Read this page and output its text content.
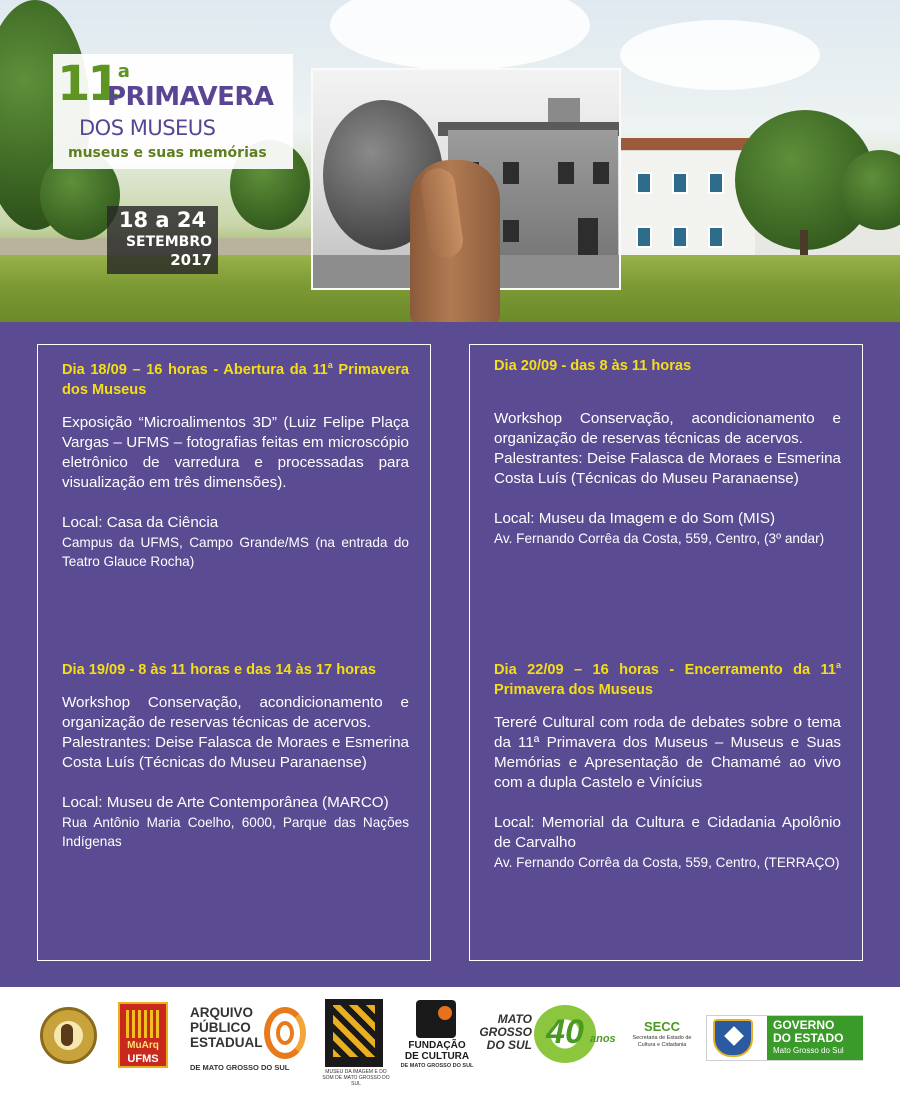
11$^a$
PRIMAVERA
DOS MUSEUS
museus e suas memórias
18 a 24
SETEMBRO
2017
Dia 18/09 – 16 horas - Abertura da 11$^a$ Primavera dos Museus

Exposição “Microalimentos 3D” (Luiz Felipe Plaça Vargas – UFMS – fotografias feitas em microscópio eletrônico de varredura e processadas para visualização em três dimensões).

Local: Casa da Ciência
Campus da UFMS, Campo Grande/MS (na entrada do Teatro Glauce Rocha)
Dia 19/09 - 8 às 11 horas e das 14 às 17 horas

Workshop Conservação, acondicionamento e organização de reservas técnicas de acervos.

Palestrantes: Deise Falasca de Moraes e Esmerina Costa Luís (Técnicas do Museu Paranaense)

Local: Museu de Arte Contemporânea (MARCO)
Rua Antônio Maria Coelho, 6000, Parque das Nações Indígenas
Dia 20/09 - das 8 às 11 horas

Workshop Conservação, acondicionamento e organização de reservas técnicas de acervos.

Palestrantes: Deise Falasca de Moraes e Esmerina Costa Luís (Técnicas do Museu Paranaense)

Local: Museu da Imagem e do Som (MIS)
Av. Fernando Corrêa da Costa, 559, Centro, (3º andar)
Dia 22/09 – 16 horas - Encerramento da 11$^a$ Primavera dos Museus

Tereré Cultural com roda de debates sobre o tema da 11ª Primavera dos Museus – Museus e Suas Memórias e Apresentação de Chamamé ao vivo com a dupla Castelo e Vinícius

Local: Memorial da Cultura e Cidadania Apolônio de Carvalho
Av. Fernando Corrêa da Costa, 559, Centro, (TERRAÇO)
MuArq
UFMS
ARQUIVO
PÚBLICO
ESTADUAL
DE MATO GROSSO DO SUL	MUSEU DA IMAGEM E DO SOM DE MATO GROSSO DO SUL
FUNDAÇÃO
DE CULTURA
DE MATO GROSSO DO SUL
MATO
GROSSO
DO SUL 40 anos
SECC
Secretaria de Estado de Cultura e Cidadania
GOVERNO
DO ESTADO
Mato Grosso do Sul
